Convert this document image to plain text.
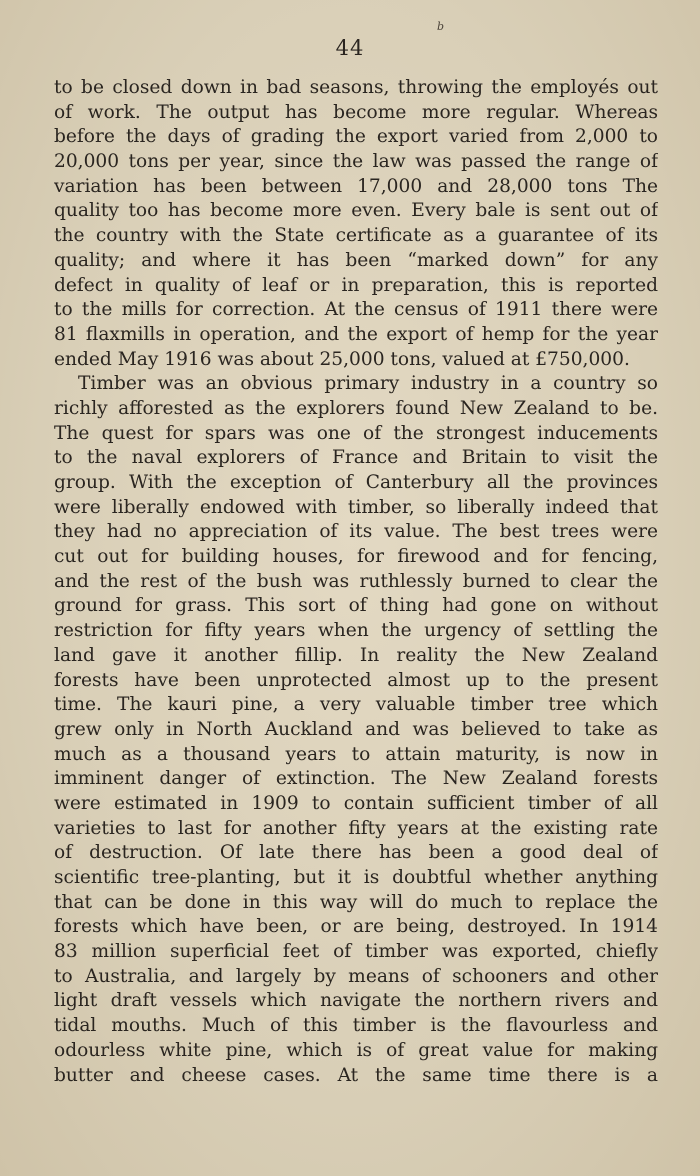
b
44
to be closed down in bad seasons, throwing the employés out
of work. The output has become more regular. Whereas
before the days of grading the export varied from 2,000 to
20,000 tons per year, since the law was passed the range of
variation has been between 17,000 and 28,000 tons The
quality too has become more even. Every bale is sent out of
the country with the State certificate as a guarantee of its
quality; and where it has been “marked down” for any
defect in quality of leaf or in preparation, this is reported
to the mills for correction. At the census of 1911 there were
81 flaxmills in operation, and the export of hemp for the year
ended May 1916 was about 25,000 tons, valued at £750,000.
Timber was an obvious primary industry in a country so
richly afforested as the explorers found New Zealand to be.
The quest for spars was one of the strongest inducements
to the naval explorers of France and Britain to visit the
group. With the exception of Canterbury all the provinces
were liberally endowed with timber, so liberally indeed that
they had no appreciation of its value. The best trees were
cut out for building houses, for firewood and for fencing,
and the rest of the bush was ruthlessly burned to clear the
ground for grass. This sort of thing had gone on without
restriction for fifty years when the urgency of settling the
land gave it another fillip. In reality the New Zealand
forests have been unprotected almost up to the present
time. The kauri pine, a very valuable timber tree which
grew only in North Auckland and was believed to take as
much as a thousand years to attain maturity, is now in
imminent danger of extinction. The New Zealand forests
were estimated in 1909 to contain sufficient timber of all
varieties to last for another fifty years at the existing rate
of destruction. Of late there has been a good deal of
scientific tree-planting, but it is doubtful whether anything
that can be done in this way will do much to replace the
forests which have been, or are being, destroyed. In 1914
83 million superficial feet of timber was exported, chiefly
to Australia, and largely by means of schooners and other
light draft vessels which navigate the northern rivers and
tidal mouths. Much of this timber is the flavourless and
odourless white pine, which is of great value for making
butter and cheese cases. At the same time there is a
